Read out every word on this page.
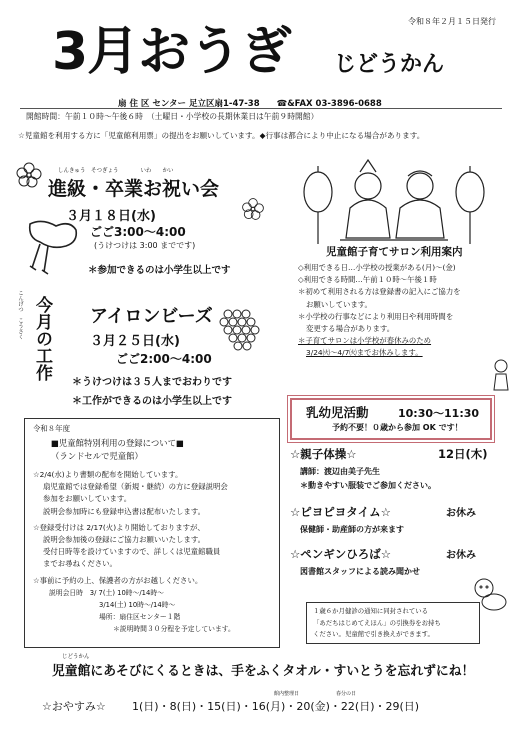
令和８年２月１５日発行
3月おうぎ じどうかん
扇 住 区 センター 足立区扇1-47-38　　☎&FAX 03-3896-0688
開館時間：午前１０時～午後６時　（土曜日・小学校の長期休業日は午前９時開館）
☆児童館を利用する方に「児童館利用票」の提出をお願いしています。◆行事は都合により中止になる場合があります。
しんきゅう　そつぎょう　　　　いわ　　かい
進級・卒業お祝い会
３月１８日(水)
ごご3:00～4:00
(うけつけは 3:00 までです)
＊参加できるのは小学生以上です
こんげつ　こうさく 今月の工作 アイロンビーズ
３月２５日(水)
ごご2:00～4:00
＊うけつけは３５人までおわりです
＊工作ができるのは小学生以上です
令和８年度
■児童館特別利用の登録について■
（ランドセルで児童館）
☆2/4(水)より書類の配布を開始しています。
扇児童館では登録希望（新規・継続）の方に登録説明会
参加をお願いしています。
説明会参加時にも登録申込書は配布いたします。
☆登録受付けは 2/17(火)より開始しておりますが、
説明会参加後の登録にご協力お願いいたします。
受付日時等を設けていますので、詳しくは児童館職員
までお尋ねください。
☆事前に予約の上、保護者の方がお越しください。
説明会日時　3/ 7(土) 10時～/14時～
3/14(土) 10時～/14時～
場所：扇住区センター１階
＊説明時間３０分程を予定しています。
児童館子育てサロン利用案内
◇利用できる日…小学校の授業がある(月)～(金)
◇利用できる時間…午前１０時～午後１時
＊初めて利用される方は登録書の記入にご協力を
お願いしています。
＊小学校の行事などにより利用日や利用時間を
変更する場合があります。
＊子育てサロンは小学校が春休みのため
3/24㈫～4/7㈫までお休みします。
乳幼児活動	10:30～11:30
予約不要！０歳から参加 OK です！
☆親子体操☆	12日(木)
講師：渡辺由美子先生
＊動きやすい服装でご参加ください。
☆ピヨピヨタイム☆	お休み
保健師・助産師の方が来ます
☆ペンギンひろば☆	お休み
図書館スタッフによる読み聞かせ
１歳６か月健診の通知に同封されている
「あだちはじめてえほん」の引換券をお持ち
ください。児童館で引き換えができます。
じどうかん
児童館にあそびにくるときは、手をふくタオル・すいとうを忘れずにね！
館内整理日	春分の日
☆おやすみ☆ 1(日)・8(日)・15(日)・16(月)・20(金)・22(日)・29(日)
